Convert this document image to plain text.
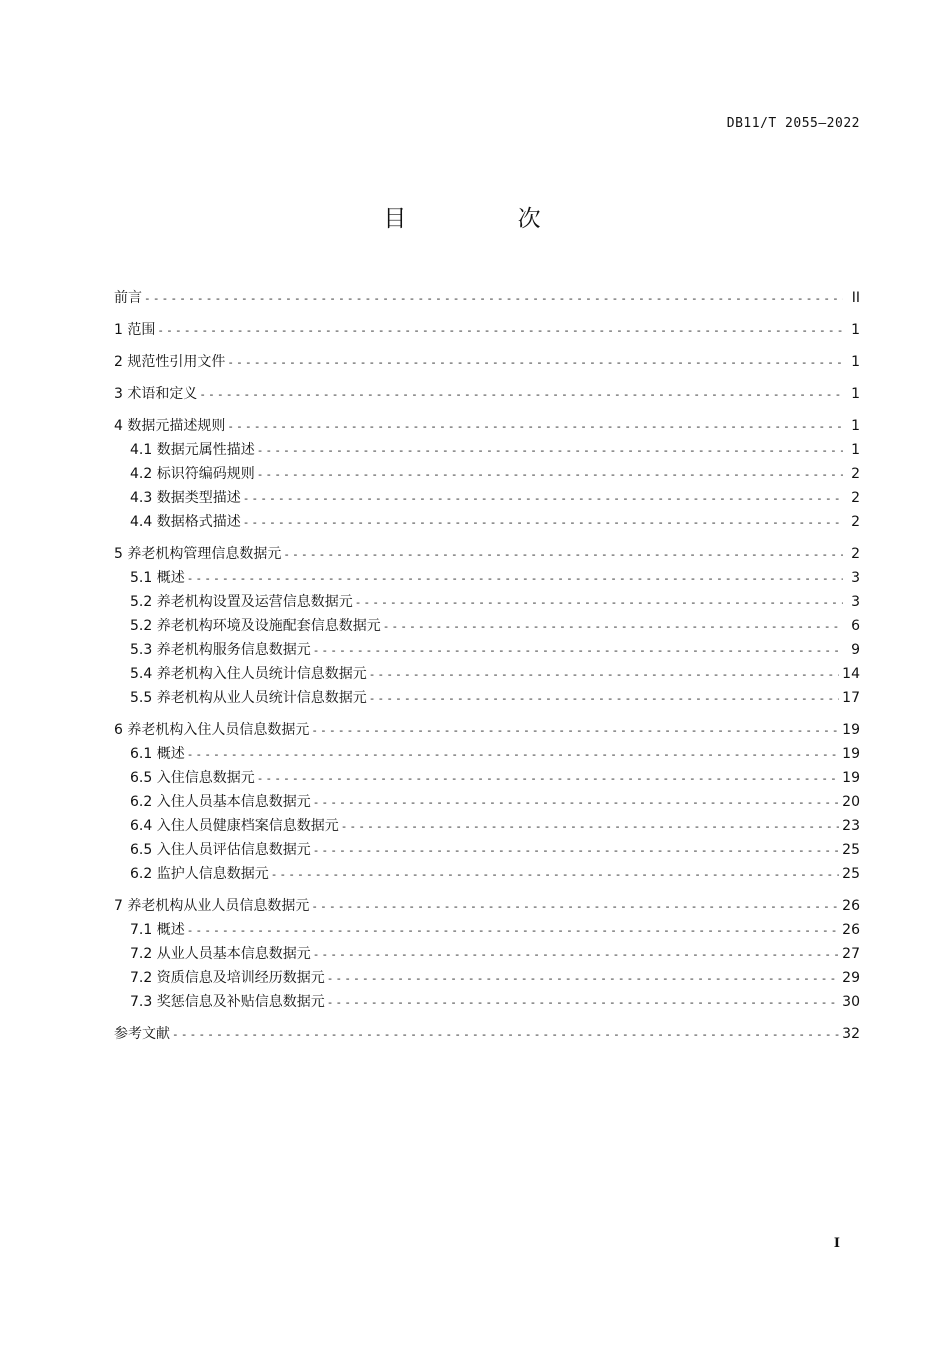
DB11/T 2055—2022
目 次
前言 -----	II
1 范围 -----	1
2 规范性引用文件 -----	1
3 术语和定义 -----	1
4 数据元描述规则 -----	1
4.1 数据元属性描述 -----	1
4.2 标识符编码规则 -----	2
4.3 数据类型描述 -----	2
4.4 数据格式描述 -----	2
5 养老机构管理信息数据元 -----	2
5.1 概述 -----	3
5.2 养老机构设置及运营信息数据元 -----	3
5.2 养老机构环境及设施配套信息数据元 -----	6
5.3 养老机构服务信息数据元 -----	9
5.4 养老机构入住人员统计信息数据元 -----	14
5.5 养老机构从业人员统计信息数据元 -----	17
6 养老机构入住人员信息数据元 -----	19
6.1 概述 -----	19
6.5 入住信息数据元 -----	19
6.2 入住人员基本信息数据元 -----	20
6.4 入住人员健康档案信息数据元 -----	23
6.5 入住人员评估信息数据元 -----	25
6.2 监护人信息数据元 -----	25
7 养老机构从业人员信息数据元 -----	26
7.1 概述 -----	26
7.2 从业人员基本信息数据元 -----	27
7.2 资质信息及培训经历数据元 -----	29
7.3 奖惩信息及补贴信息数据元 -----	30
参考文献 -----	32
I
